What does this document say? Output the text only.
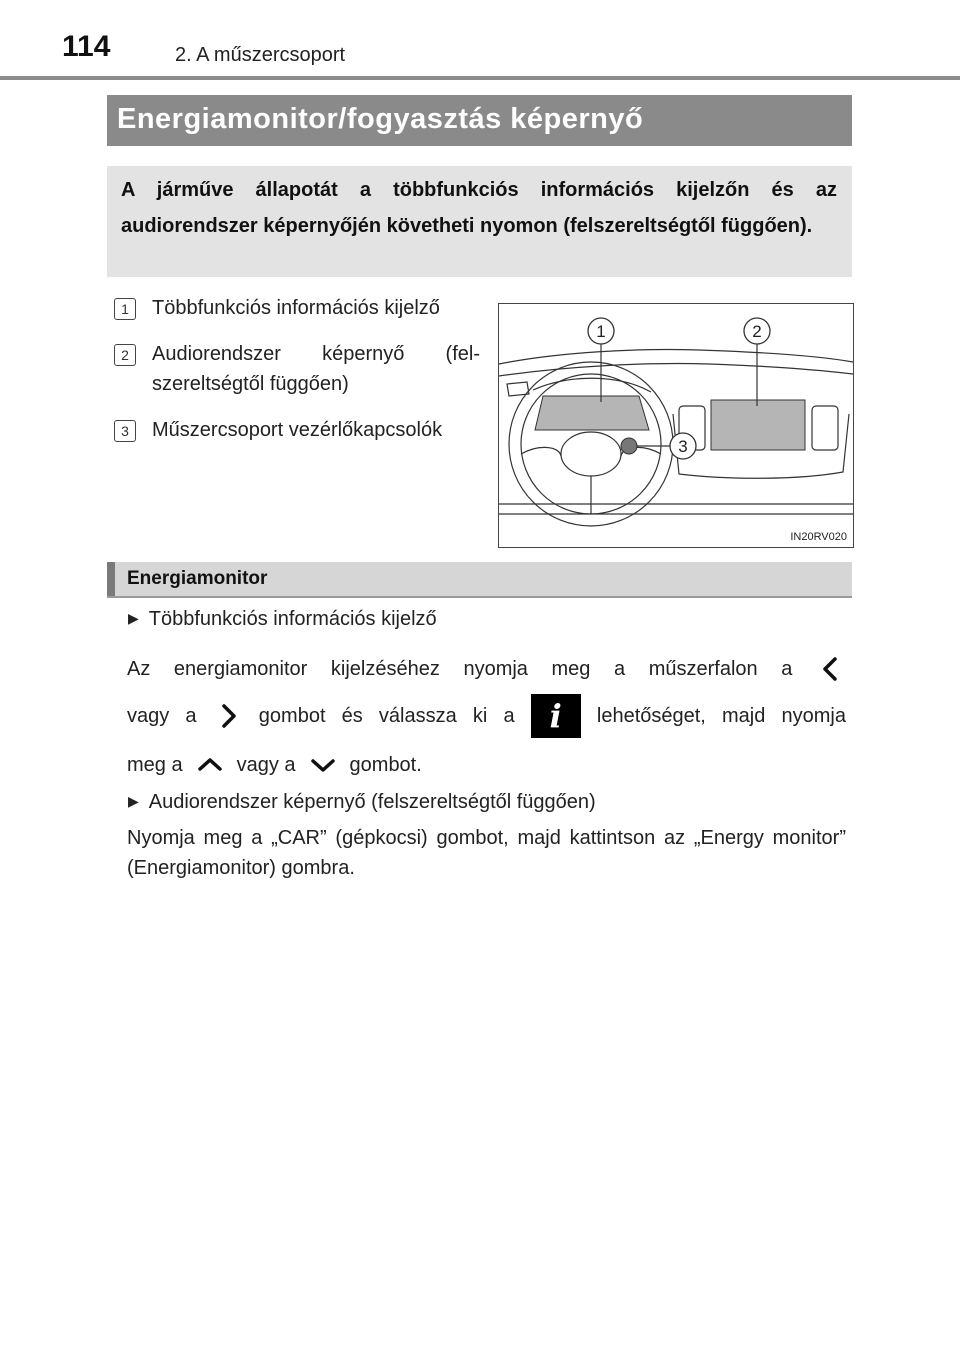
114	2. A műszercsoport
Energiamonitor/fogyasztás képernyő
A járműve állapotát a többfunkciós információs kijelzőn és az audiorendszer képernyőjén követheti nyomon (felszereltségtől függően).
1	Többfunkciós információs kijelző
2	Audiorendszer képernyő (fel-szereltségtől függően)
3	Műszercsoport vezérlőkapcsolók
1	2
3
IN20RV020
Energiamonitor
▶ Többfunkciós információs kijelző
Az energiamonitor kijelzéséhez nyomja meg a műszerfalon a
vagy a	gombot és válassza ki a	i	lehetőséget, majd nyomja
meg a	vagy a	gombot.
▶ Audiorendszer képernyő (felszereltségtől függően)
Nyomja meg a „CAR” (gépkocsi) gombot, majd kattintson az „Energy monitor” (Energiamonitor) gombra.
